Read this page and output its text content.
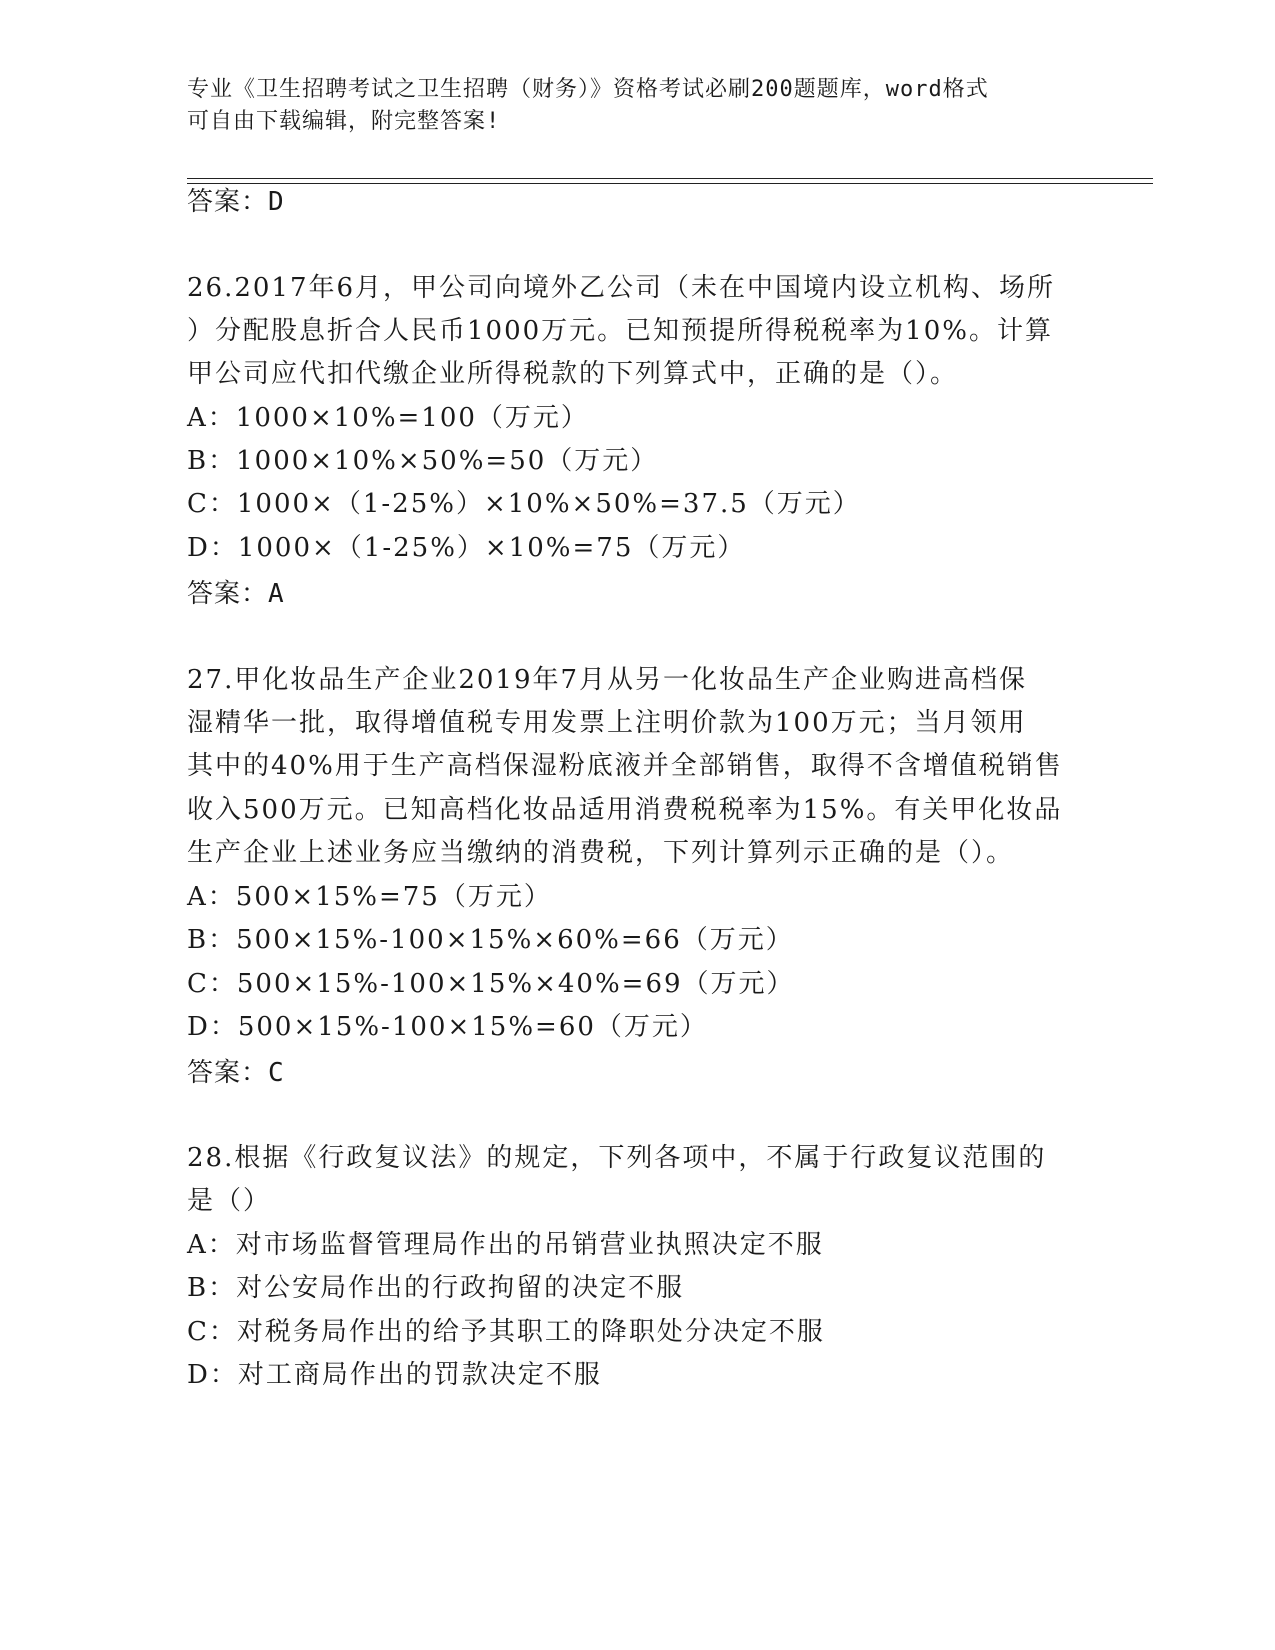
专业《卫生招聘考试之卫生招聘（财务）》资格考试必刷200题题库，word格式
可自由下载编辑，附完整答案!
答案：D
26.2017年6月，甲公司向境外乙公司（未在中国境内设立机构、场所
）分配股息折合人民币1000万元。已知预提所得税税率为10%。计算
甲公司应代扣代缴企业所得税款的下列算式中，正确的是（）。
A：1000×10%=100（万元）
B：1000×10%×50%=50（万元）
C：1000×（1-25%）×10%×50%=37.5（万元）
D：1000×（1-25%）×10%=75（万元）
答案：A
27.甲化妆品生产企业2019年7月从另一化妆品生产企业购进高档保
湿精华一批，取得增值税专用发票上注明价款为100万元；当月领用
其中的40%用于生产高档保湿粉底液并全部销售，取得不含增值税销售
收入500万元。已知高档化妆品适用消费税税率为15%。有关甲化妆品
生产企业上述业务应当缴纳的消费税，下列计算列示正确的是（）。
A：500×15%=75（万元）
B：500×15%-100×15%×60%=66（万元）
C：500×15%-100×15%×40%=69（万元）
D：500×15%-100×15%=60（万元）
答案：C
28.根据《行政复议法》的规定，下列各项中，不属于行政复议范围的
是（）
A：对市场监督管理局作出的吊销营业执照决定不服
B：对公安局作出的行政拘留的决定不服
C：对税务局作出的给予其职工的降职处分决定不服
D：对工商局作出的罚款决定不服
